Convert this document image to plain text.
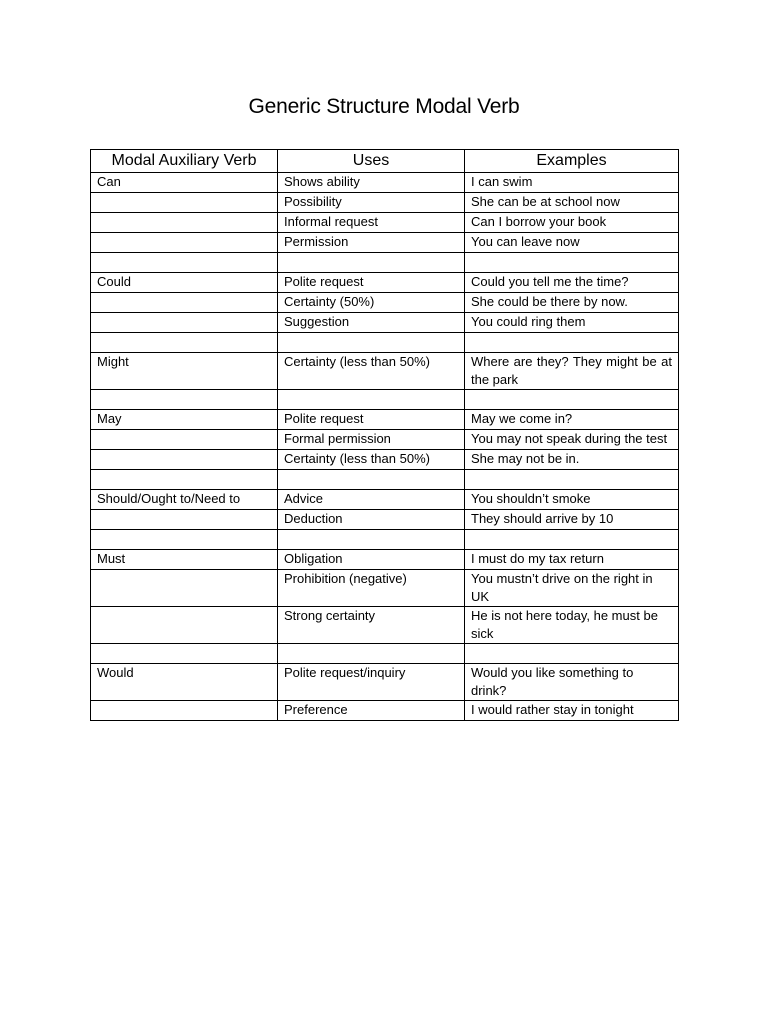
Generic Structure Modal Verb
Modal Auxiliary Verb	Uses	Examples
Can	Shows ability	I can swim
	Possibility	She can be at school now
	Informal request	Can I borrow your book
	Permission	You can leave now

Could	Polite request	Could you tell me the time?
	Certainty (50%)	She could be there by now.
	Suggestion	You could ring them

Might	Certainty (less than 50%)	Where are they? They might be at the park

May	Polite request	May we come in?
	Formal permission	You may not speak during the test
	Certainty (less than 50%)	She may not be in.

Should/Ought to/Need to	Advice	You shouldn’t smoke
	Deduction	They should arrive by 10

Must	Obligation	I must do my tax return
	Prohibition (negative)	You mustn’t drive on the right in UK
	Strong certainty	He is not here today, he must be sick

Would	Polite request/inquiry	Would you like something to drink?
	Preference	I would rather stay in tonight
